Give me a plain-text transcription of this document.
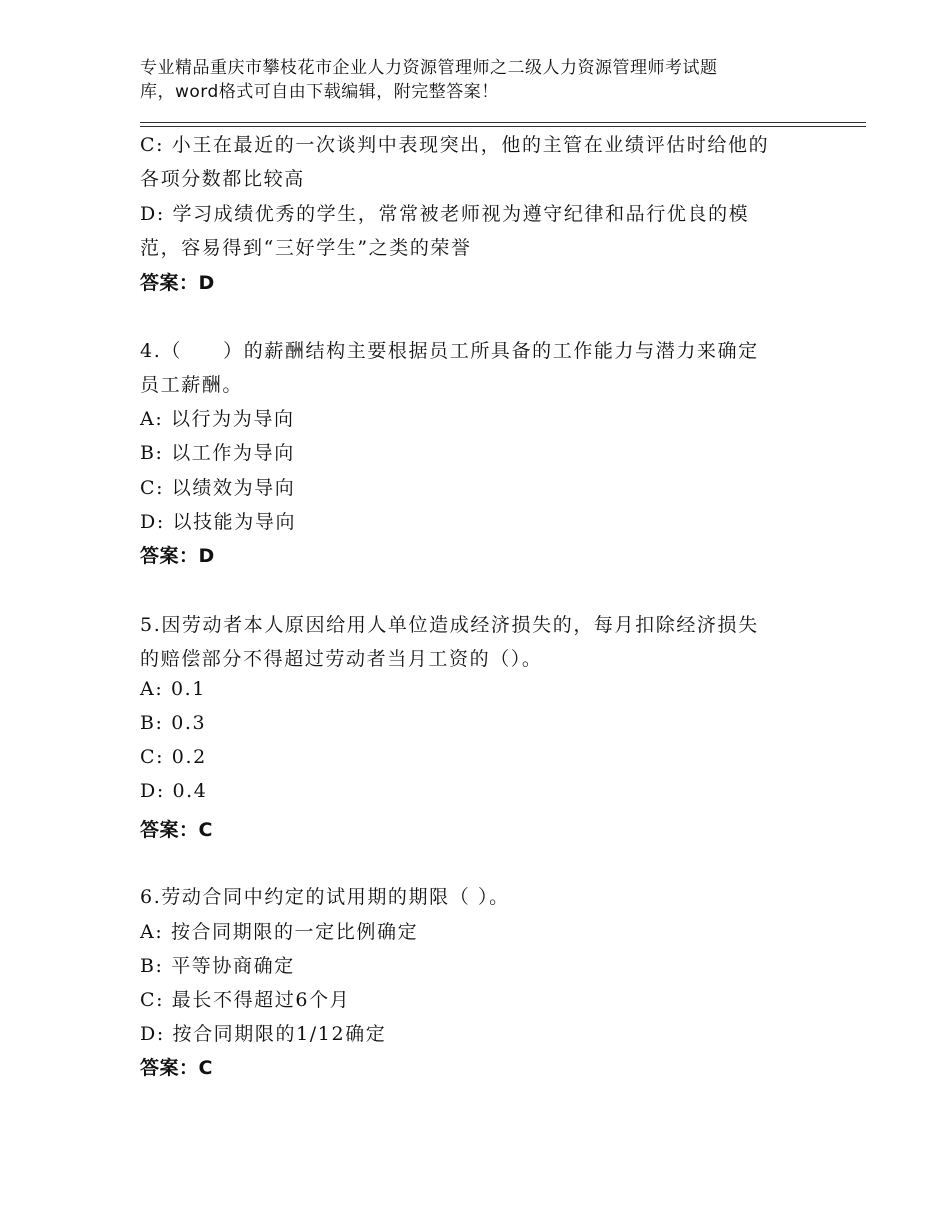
专业精品重庆市攀枝花市企业人力资源管理师之二级人力资源管理师考试题
库，word格式可自由下载编辑，附完整答案！
C: 小王在最近的一次谈判中表现突出，他的主管在业绩评估时给他的
各项分数都比较高
D: 学习成绩优秀的学生，常常被老师视为遵守纪律和品行优良的模
范，容易得到“三好学生”之类的荣誉
答案：D
4.（　　）的薪酬结构主要根据员工所具备的工作能力与潜力来确定
员工薪酬。
A: 以行为为导向
B: 以工作为导向
C: 以绩效为导向
D: 以技能为导向
答案：D
5.因劳动者本人原因给用人单位造成经济损失的，每月扣除经济损失
的赔偿部分不得超过劳动者当月工资的（）。
A: 0.1
B: 0.3
C: 0.2
D: 0.4
答案：C
6.劳动合同中约定的试用期的期限（ ）。
A: 按合同期限的一定比例确定
B: 平等协商确定
C: 最长不得超过6个月
D: 按合同期限的1/12确定
答案：C
